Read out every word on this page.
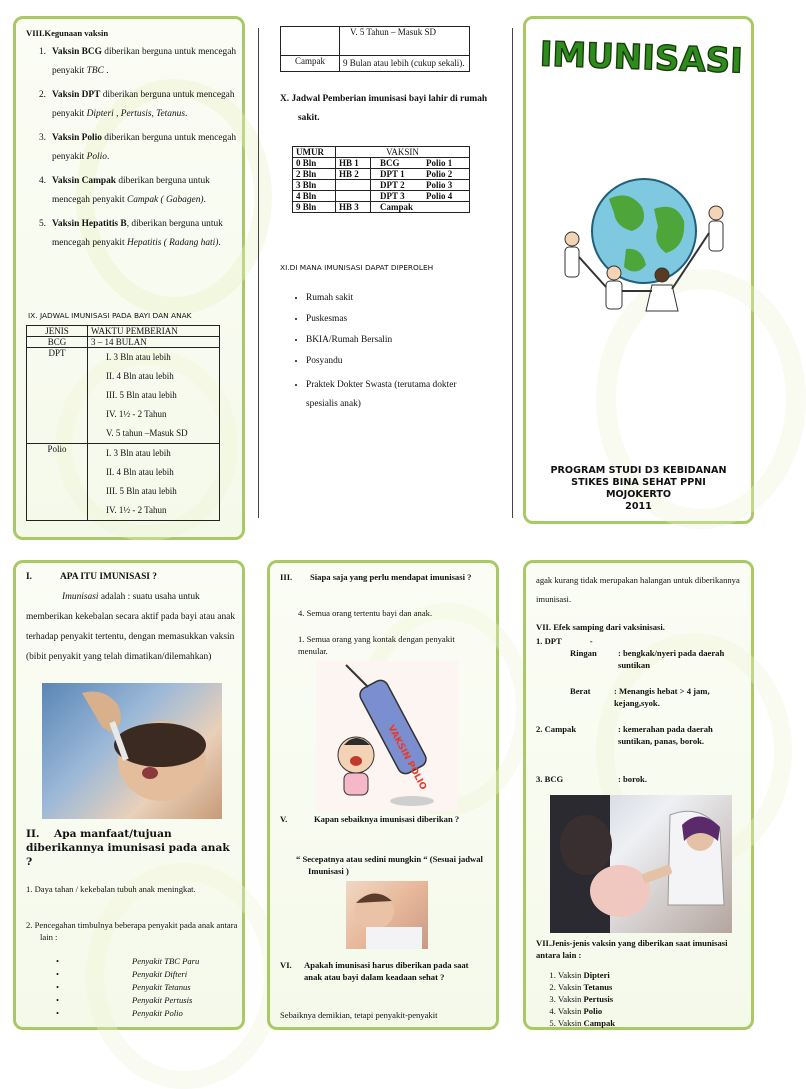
VIII.Kegunaan vaksin
1. Vaksin BCG diberikan berguna untuk mencegah penyakit TBC .
2. Vaksin DPT diberikan berguna untuk mencegah penyakit Dipteri , Pertusis, Tetanus.
3. Vaksin Polio diberikan berguna untuk mencegah penyakit Polio.
4. Vaksin Campak diberikan berguna untuk mencegah penyakit Campak ( Gabagen).
5. Vaksin Hepatitis B, diberikan berguna untuk mencegah penyakit Hepatitis ( Radang hati).
IX. JADWAL IMUNISASI PADA BAYI DAN ANAK
JENIS	WAKTU PEMBERIAN
BCG	3 – 14 BULAN
DPT	I. 3 Bln atau lebih
II. 4 Bln atau lebih
III. 5 Bln atau lebih
IV. 1½ - 2 Tahun
V. 5 tahun –Masuk SD

Polio	I. 3 Bln atau lebih
II. 4 Bln atau lebih
III. 5 Bln atau lebih
IV. 1½ - 2 Tahun
	V. 5 Tahun – Masuk SD
Campak	9 Bulan atau lebih (cukup sekali).
X. Jadwal Pemberian imunisasi bayi lahir di rumah sakit.
UMUR	VAKSIN	
0 Bln	HB 1	BCG Polio 1
2 Bln	HB 2	DPT 1 Polio 2
3 Bln		DPT 2 Polio 3
4 Bln		DPT 3 Polio 4
9 Bln	HB 3	Campak
XI.DI MANA IMUNISASI DAPAT DIPEROLEH
• Rumah sakit
• Puskesmas
• BKIA/Rumah Bersalin
• Posyandu
• Praktek Dokter Swasta (terutama dokter spesialis anak)
IMUNISASI
PROGRAM STUDI D3 KEBIDANAN
STIKES BINA SEHAT PPNI
MOJOKERTO
2011
I.	APA ITU IMUNISASI ?
Imunisasi adalah : suatu usaha untuk memberikan kekebalan secara aktif pada bayi atau anak terhadap penyakit tertentu, dengan memasukkan vaksin (bibit penyakit yang telah dimatikan/dilemahkan)
II. Apa manfaat/tujuan diberikannya imunisasi pada anak ?
1. Daya tahan / kekebalan tubuh anak meningkat.
2. Pencegahan timbulnya beberapa penyakit pada anak antara lain :
•	Penyakit TBC Paru
•	Penyakit Difteri
•	Penyakit Tetanus
•	Penyakit Pertusis
•	Penyakit Polio
III. Siapa saja yang perlu mendapat imunisasi ?
4. Semua orang tertentu bayi dan anak.
1. Semua orang yang kontak dengan penyakit menular.
VAKSIN POLIO
V.	Kapan sebaiknya imunisasi diberikan ?
“ Secepatnya atau sedini mungkin “ (Sesuai jadwal Imunisasi )
VI. Apakah imunisasi harus diberikan pada saat anak atau bayi dalam keadaan sehat ?
Sebaiknya demikian, tetapi penyakit-penyakit
agak kurang tidak merupakan halangan untuk diberikannya imunisasi.
VII. Efek samping dari vaksinisasi.
1. DPT	-
Ringan : bengkak/nyeri pada daerah suntikan
Berat	: Menangis hebat > 4 jam, kejang,syok.
2. Campak	: kemerahan pada daerah suntikan, panas, borok.
3. BCG	: borok.
VII.Jenis-jenis vaksin yang diberikan saat imunisasi antara lain :
1. Vaksin Dipteri
2. Vaksin Tetanus
3. Vaksin Pertusis
4. Vaksin Polio
5. Vaksin Campak
